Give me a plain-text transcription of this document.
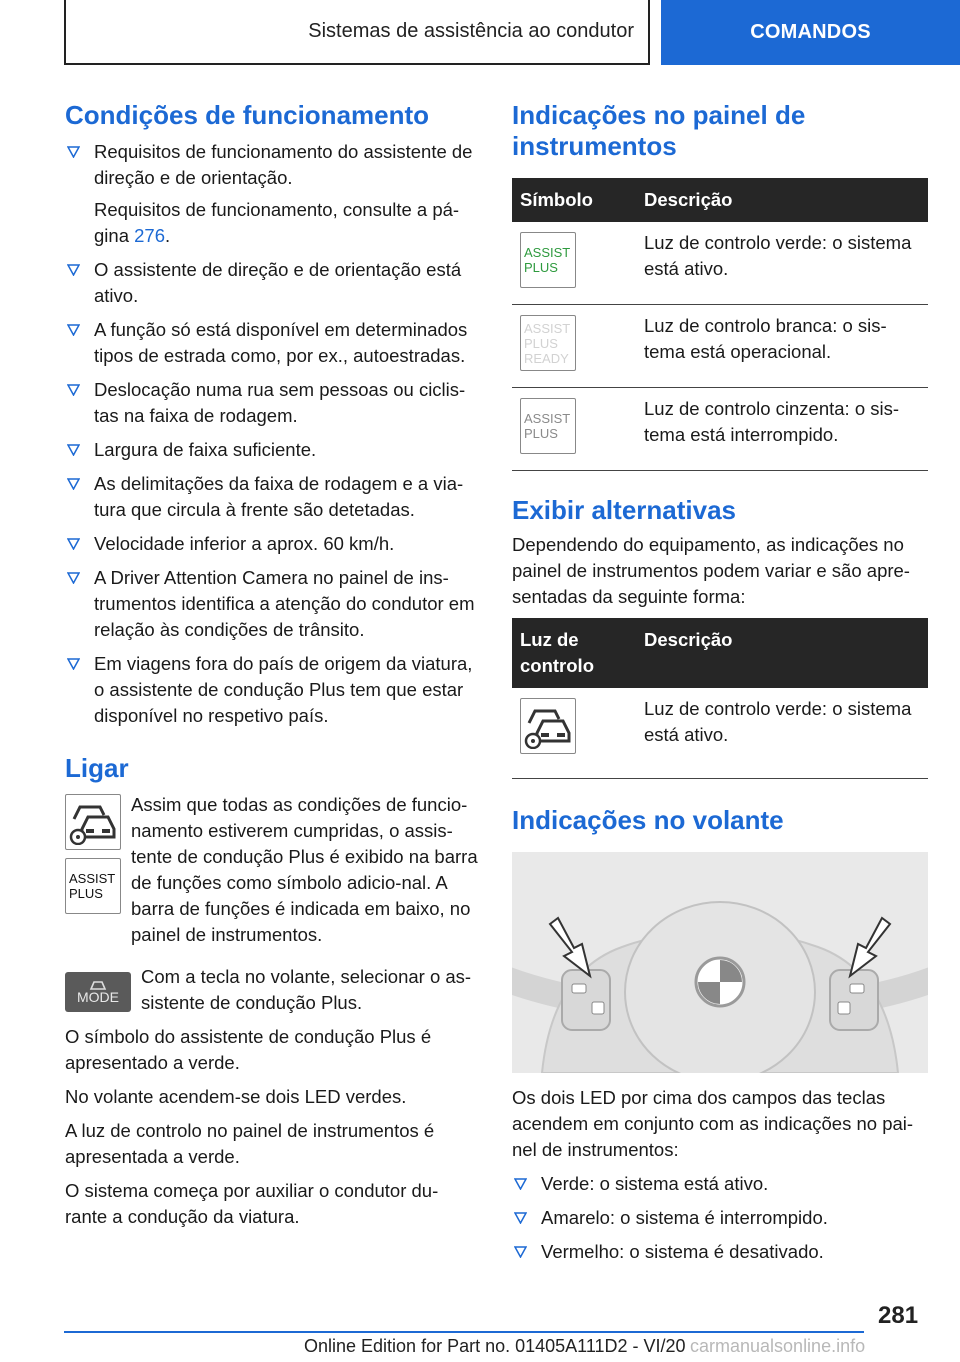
Sistemas de assistência ao condutor	COMANDOS
Condições de funcionamento
Requisitos de funcionamento do assistente de direção e de orientação.

Requisitos de funcionamento, consulte a pá-gina 276.

O assistente de direção e de orientação está ativo.
A função só está disponível em determinados tipos de estrada como, por ex., autoestradas.
Deslocação numa rua sem pessoas ou ciclis-tas na faixa de rodagem.
Largura de faixa suficiente.
As delimitações da faixa de rodagem e a via-tura que circula à frente são detetadas.
Velocidade inferior a aprox. 60 km/h.
A Driver Attention Camera no painel de ins-trumentos identifica a atenção do condutor em relação às condições de trânsito.
Em viagens fora do país de origem da viatura, o assistente de condução Plus tem que estar disponível no respetivo país.
Ligar
ASSIST
PLUS

Assim que todas as condições de funcio-namento estiverem cumpridas, o assis-tente de condução Plus é exibido na barra de funções como símbolo adicio-nal. A barra de funções é indicada em baixo, no painel de instrumentos.

MODE

Com a tecla no volante, selecionar o as-sistente de condução Plus.

O símbolo do assistente de condução Plus é apresentado a verde.

No volante acendem-se dois LED verdes.

A luz de controlo no painel de instrumentos é apresentada a verde.

O sistema começa por auxiliar o condutor du-rante a condução da viatura.

Indicações no painel de instrumentos
Símbolo	Descrição

ASSIST
PLUS	Luz de controlo verde: o sistema está ativo.

ASSIST
PLUS
READY	Luz de controlo branca: o sis-tema está operacional.

ASSIST
PLUS	Luz de controlo cinzenta: o sis-tema está interrompido.
Exibir alternativas

Dependendo do equipamento, as indicações no painel de instrumentos podem variar e são apre-sentadas da seguinte forma:

Luz de controlo	Descrição

	Luz de controlo verde: o sistema está ativo.
Indicações no volante

Os dois LED por cima dos campos das teclas acendem em conjunto com as indicações no pai-nel de instrumentos:

Verde: o sistema está ativo.
Amarelo: o sistema é interrompido.
Vermelho: o sistema é desativado.
281
Online Edition for Part no. 01405A111D2 - VI/20 carmanualsonline.info
